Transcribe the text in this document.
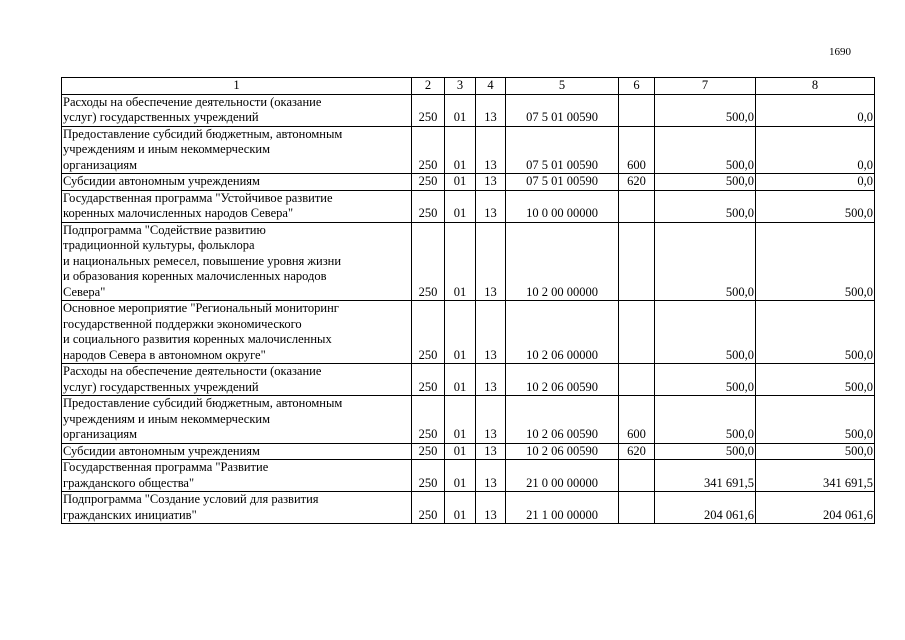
1690
1	2	3	4	5	6	7	8

Расходы на обеспечение деятельности (оказание
услуг) государственных учреждений	250	01	13	07 5 01 00590		500,0	0,0

Предоставление субсидий бюджетным, автономным
учреждениям и иным некоммерческим
организациям	250	01	13	07 5 01 00590	600	500,0	0,0

Субсидии автономным учреждениям	250	01	13	07 5 01 00590	620	500,0	0,0

Государственная программа "Устойчивое развитие
коренных малочисленных народов Севера"	250	01	13	10 0 00 00000		500,0	500,0

Подпрограмма "Содействие развитию
традиционной культуры, фольклора
и национальных ремесел, повышение уровня жизни
и образования коренных малочисленных народов
Севера"	250	01	13	10 2 00 00000		500,0	500,0

Основное мероприятие "Региональный мониторинг
государственной поддержки экономического
и социального развития коренных малочисленных
народов Севера в автономном округе"	250	01	13	10 2 06 00000		500,0	500,0

Расходы на обеспечение деятельности (оказание
услуг) государственных учреждений	250	01	13	10 2 06 00590		500,0	500,0

Предоставление субсидий бюджетным, автономным
учреждениям и иным некоммерческим
организациям	250	01	13	10 2 06 00590	600	500,0	500,0

Субсидии автономным учреждениям	250	01	13	10 2 06 00590	620	500,0	500,0

Государственная программа "Развитие
гражданского общества"	250	01	13	21 0 00 00000		341 691,5	341 691,5

Подпрограмма "Создание условий для развития
гражданских инициатив"	250	01	13	21 1 00 00000		204 061,6	204 061,6
